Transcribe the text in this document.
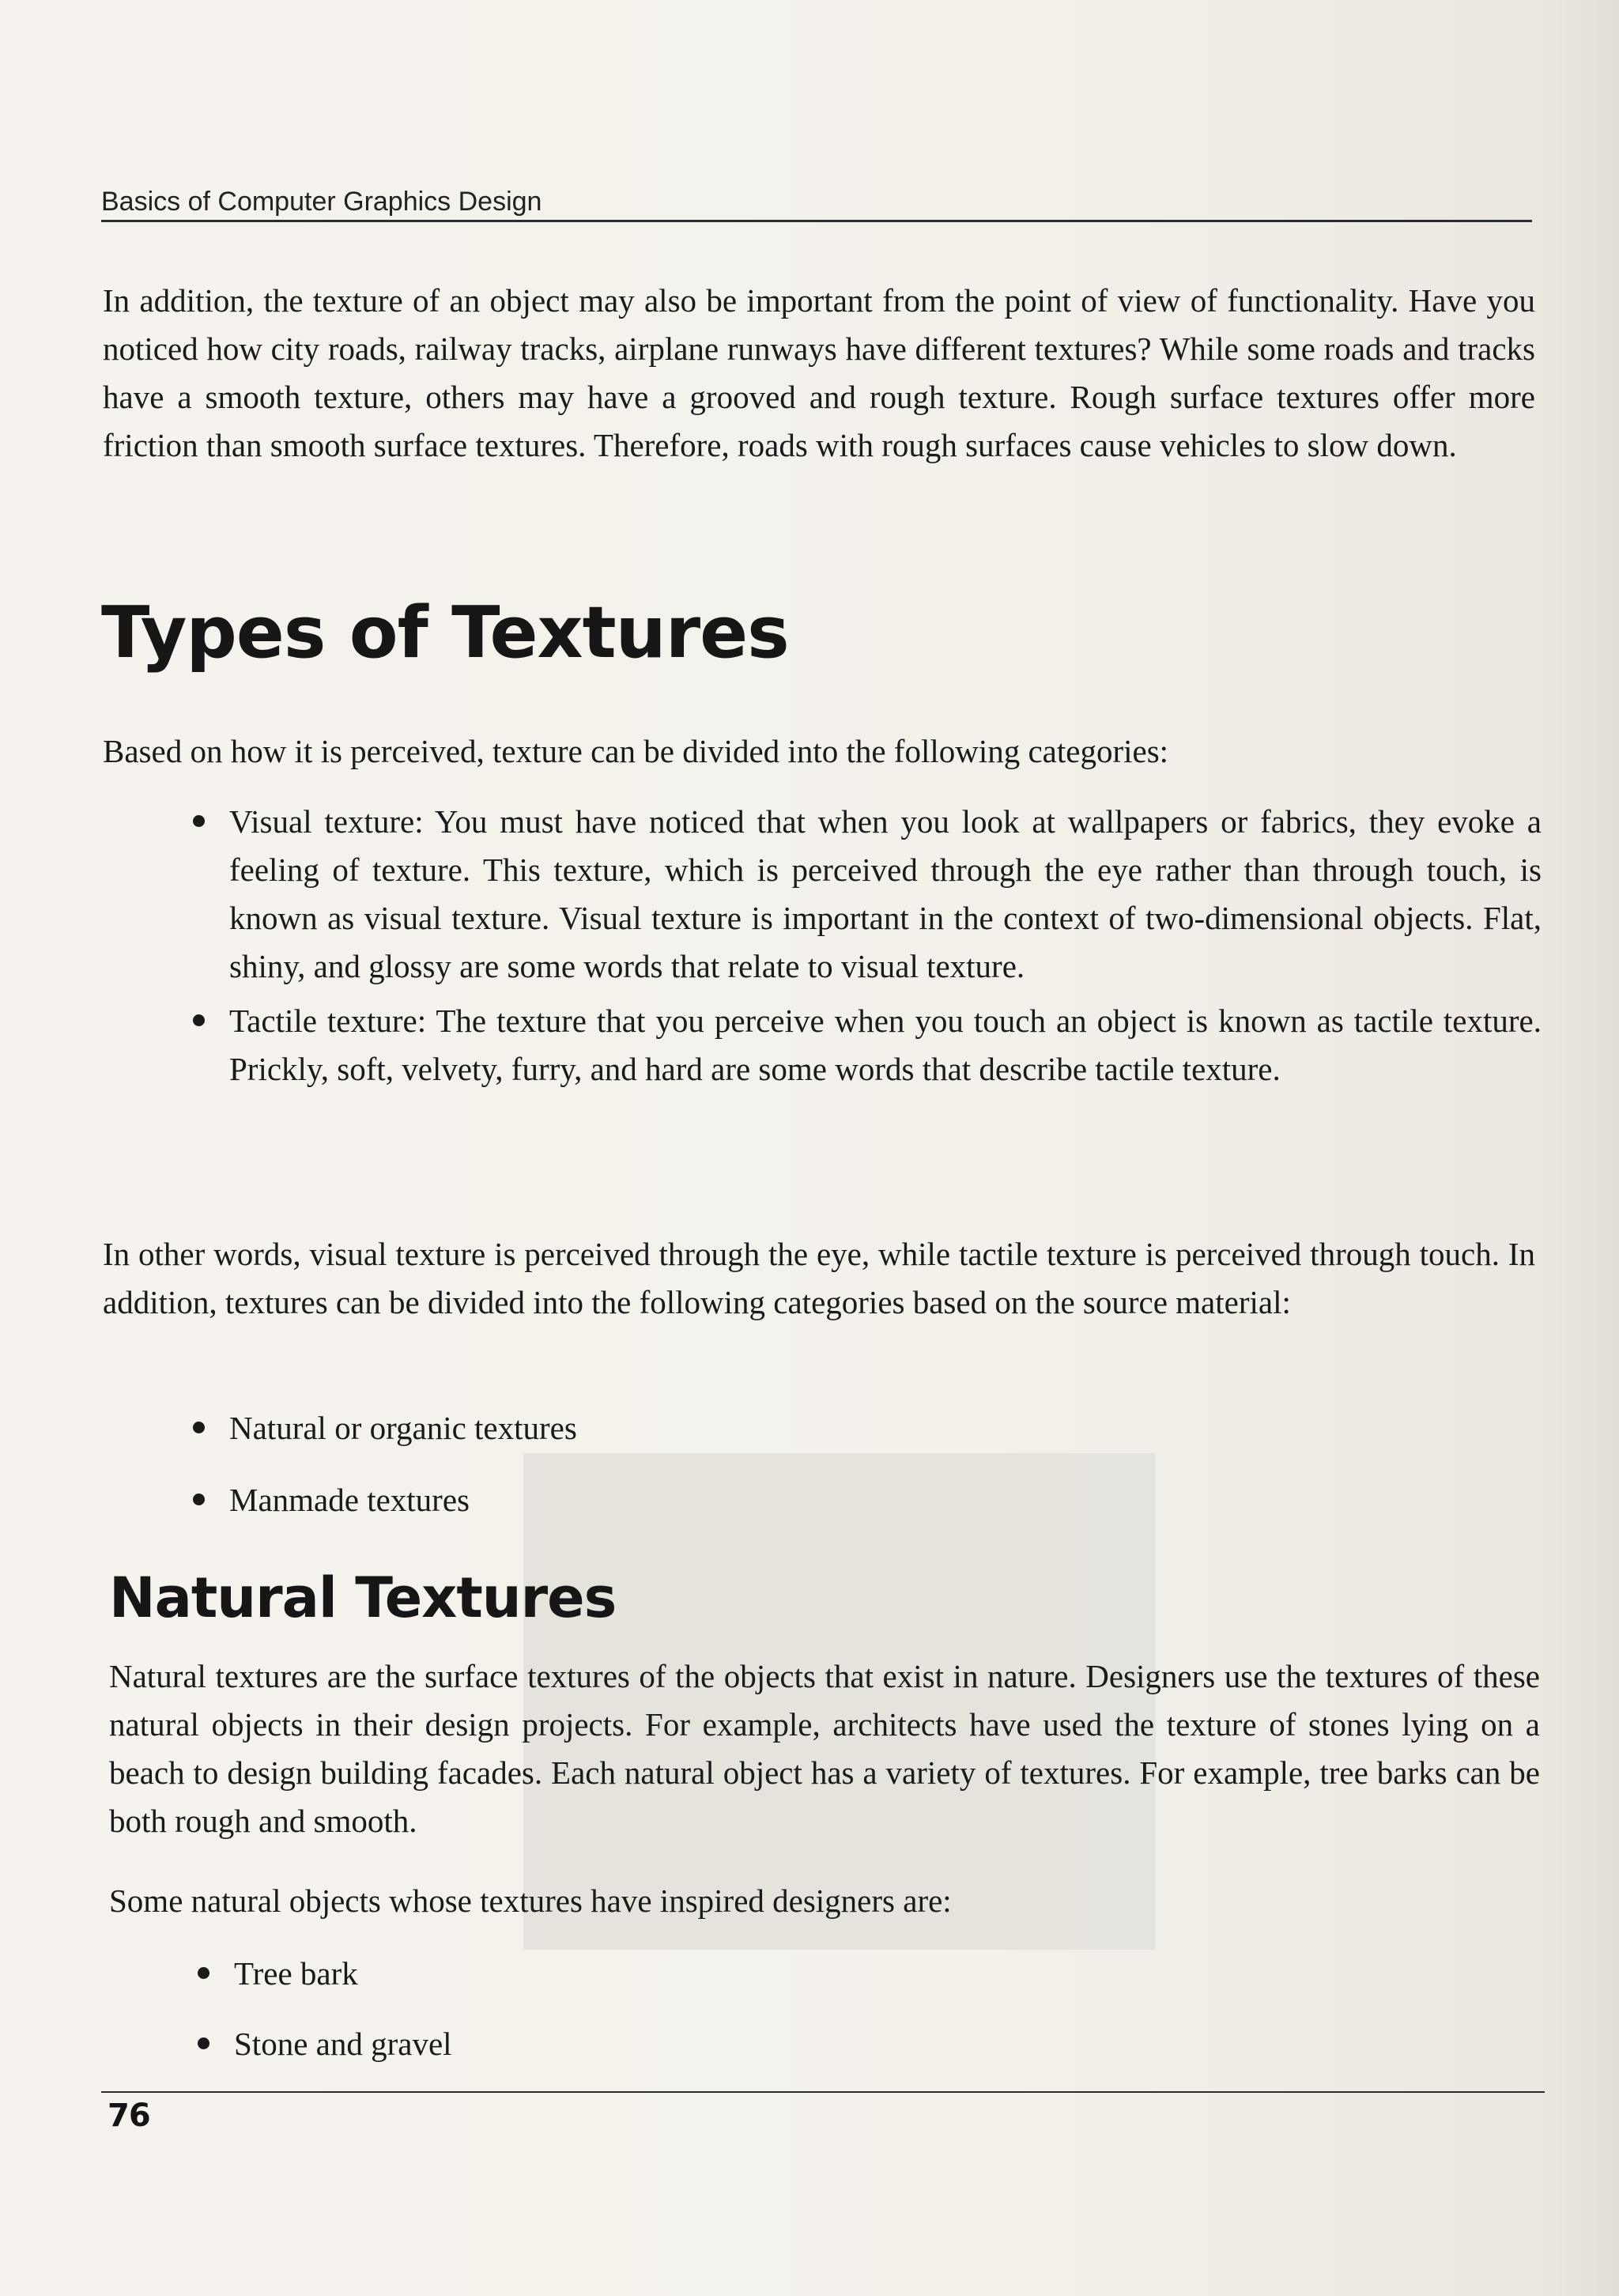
Basics of Computer Graphics Design
In addition, the texture of an object may also be important from the point of view of functionality. Have you noticed how city roads, railway tracks, airplane runways have different textures? While some roads and tracks have a smooth texture, others may have a grooved and rough texture. Rough surface textures offer more friction than smooth surface textures. Therefore, roads with rough surfaces cause vehicles to slow down.
Types of Textures
Based on how it is perceived, texture can be divided into the following categories:
Visual texture: You must have noticed that when you look at wallpapers or fabrics, they evoke a feeling of texture. This texture, which is perceived through the eye rather than through touch, is known as visual texture. Visual texture is important in the context of two-dimensional objects. Flat, shiny, and glossy are some words that relate to visual texture.
Tactile texture: The texture that you perceive when you touch an object is known as tactile texture. Prickly, soft, velvety, furry, and hard are some words that describe tactile texture.
In other words, visual texture is perceived through the eye, while tactile texture is perceived through touch. In addition, textures can be divided into the following categories based on the source material:
Natural or organic textures
Manmade textures
Natural Textures
Natural textures are the surface textures of the objects that exist in nature. Designers use the textures of these natural objects in their design projects. For example, architects have used the texture of stones lying on a beach to design building facades. Each natural object has a variety of textures. For example, tree barks can be both rough and smooth.
Some natural objects whose textures have inspired designers are:
Tree bark
Stone and gravel
76
